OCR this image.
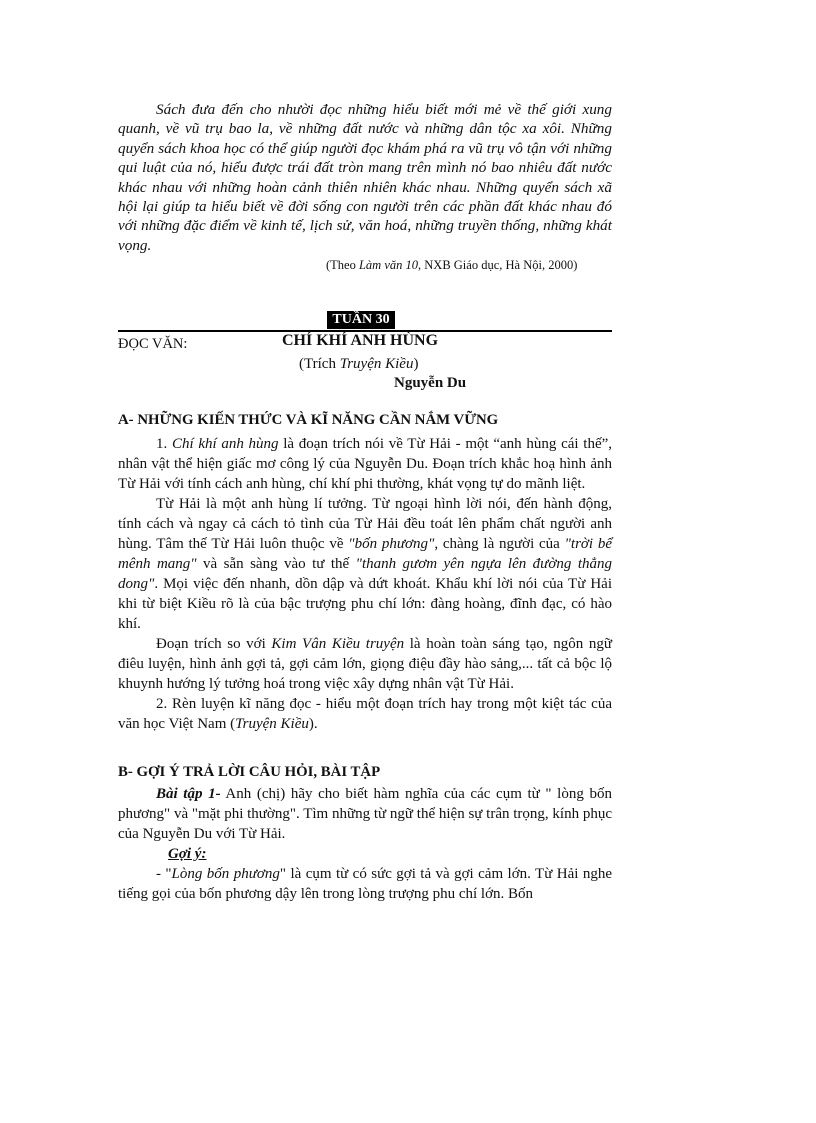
Sách đưa đến cho nhười đọc những hiểu biết mới mẻ về thế giới xung quanh, về vũ trụ bao la, về những đất nước và những dân tộc xa xôi. Những quyển sách khoa học có thể giúp người đọc khám phá ra vũ trụ vô tận với những qui luật của nó, hiểu được trái đất tròn mang trên mình nó bao nhiêu đất nước khác nhau với những hoàn cảnh thiên nhiên khác nhau. Những quyển sách xã hội lại giúp ta hiểu biết về đời sống con người trên các phần đất khác nhau đó với những đặc điểm về kinh tế, lịch sử, văn hoá, những truyền thống, những khát vọng.
(Theo Làm văn 10, NXB Giáo dục, Hà Nội, 2000)
TUẦN 30
ĐỌC VĂN:	CHÍ KHÍ ANH HÙNG
(Trích Truyện Kiều)
Nguyễn Du
A- NHỮNG KIẾN THỨC VÀ KĨ NĂNG CẦN NẮM VỮNG

1. Chí khí anh hùng là đoạn trích nói về Từ Hải - một “anh hùng cái thế”, nhân vật thể hiện giấc mơ công lý của Nguyễn Du. Đoạn trích khắc hoạ hình ảnh Từ Hải với tính cách anh hùng, chí khí phi thường, khát vọng tự do mãnh liệt.

Từ Hải là một anh hùng lí tưởng. Từ ngoại hình lời nói, đến hành động, tính cách và ngay cả cách tỏ tình của Từ Hải đều toát lên phẩm chất người anh hùng. Tâm thế Từ Hải luôn thuộc về "bốn phương", chàng là người của "trời bể mênh mang" và sẵn sàng vào tư thế "thanh gươm yên ngựa lên đường thẳng dong". Mọi việc đến nhanh, dồn dập và dứt khoát. Khẩu khí lời nói của Từ Hải khi từ biệt Kiều rõ là của bậc trượng phu chí lớn: đàng hoàng, đĩnh đạc, có hào khí.

Đoạn trích so với Kim Vân Kiều truyện là hoàn toàn sáng tạo, ngôn ngữ điêu luyện, hình ảnh gợi tả, gợi cảm lớn, giọng điệu đầy hào sảng,... tất cả bộc lộ khuynh hướng lý tưởng hoá trong việc xây dựng nhân vật Từ Hải.

2. Rèn luyện kĩ năng đọc - hiểu một đoạn trích hay trong một kiệt tác của văn học Việt Nam (Truyện Kiều).

B- GỢI Ý TRẢ LỜI CÂU HỎI, BÀI TẬP

Bài tập 1- Anh (chị) hãy cho biết hàm nghĩa của các cụm từ " lòng bốn phương" và "mặt phi thường". Tìm những từ ngữ thể hiện sự trân trọng, kính phục của Nguyễn Du với Từ Hải.

Gợi ý:

- "Lòng bốn phương" là cụm từ có sức gợi tả và gợi cảm lớn. Từ Hải nghe tiếng gọi của bốn phương dậy lên trong lòng trượng phu chí lớn. Bốn
